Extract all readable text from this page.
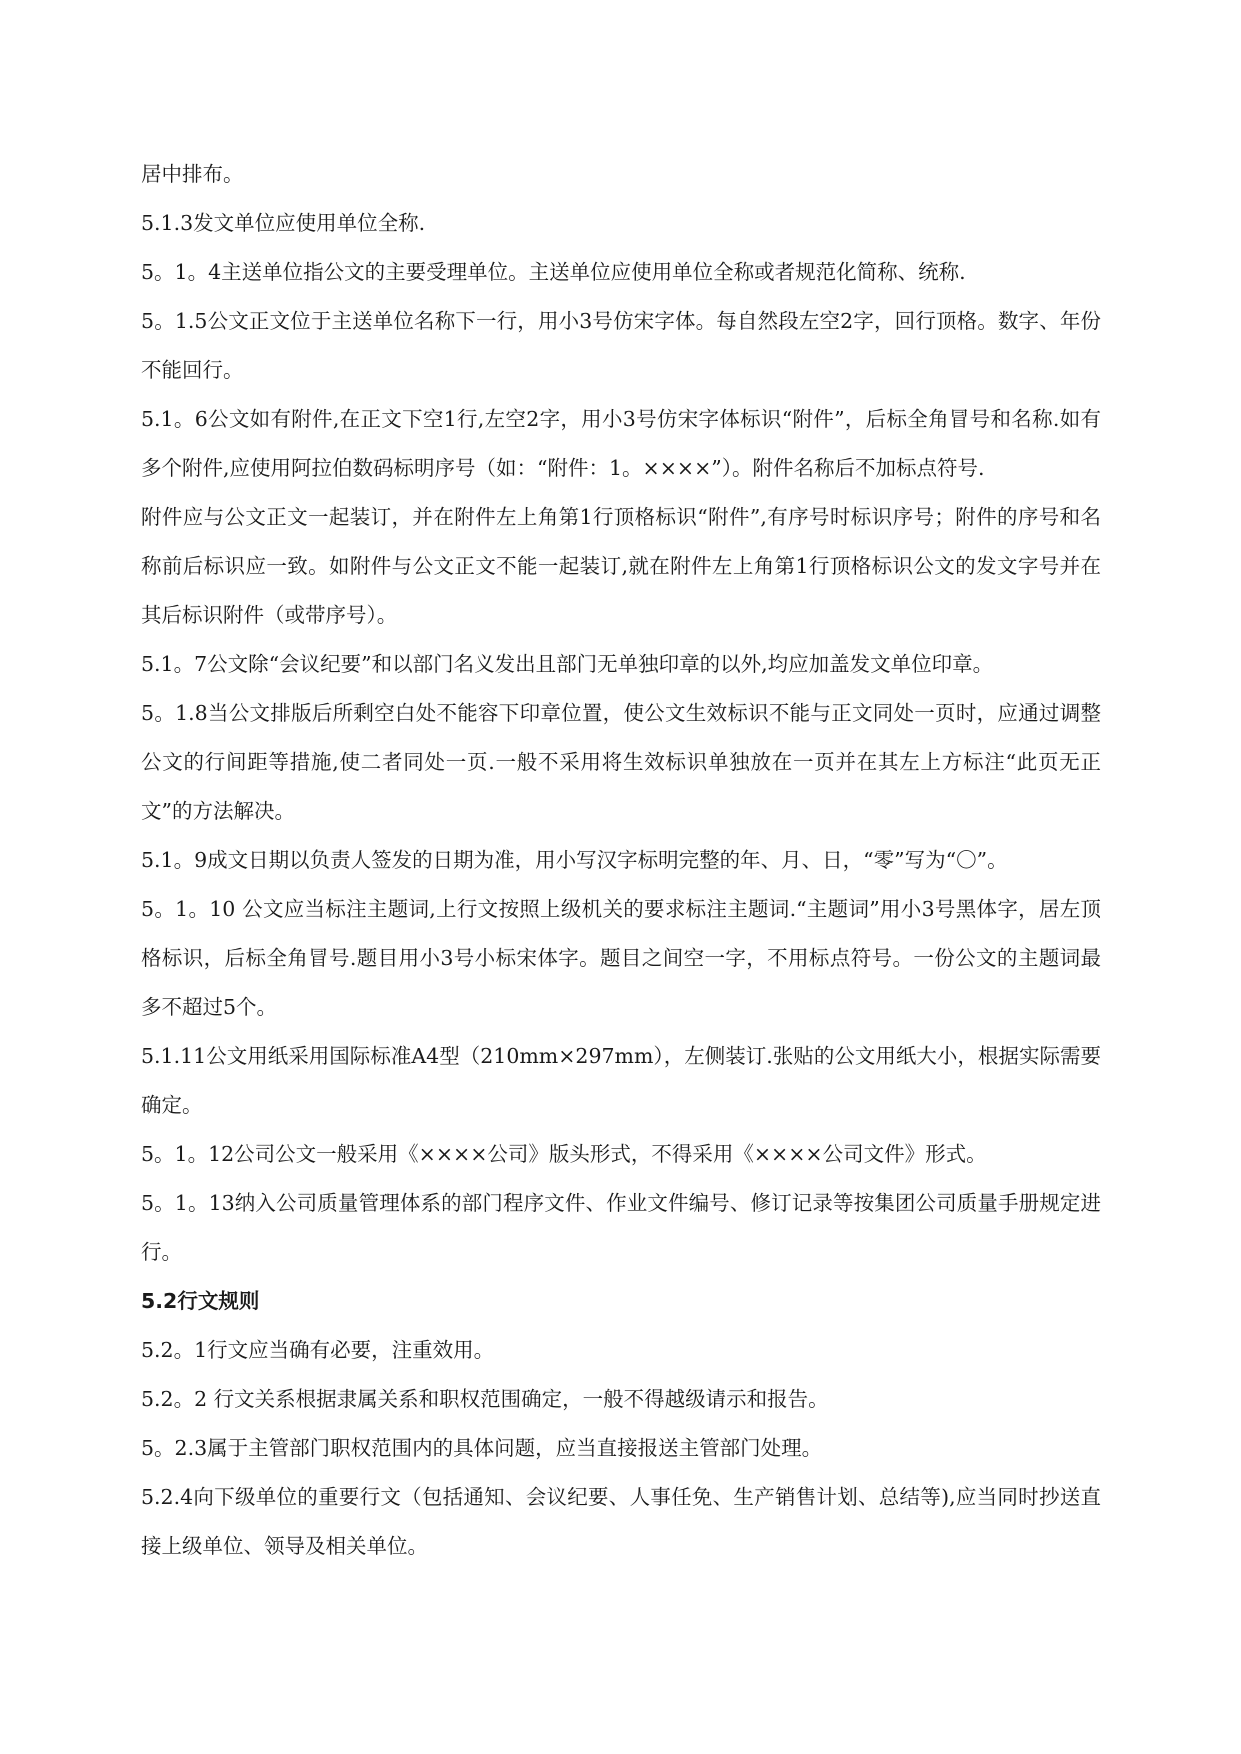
居中排布。

5.1.3发文单位应使用单位全称.

5。1。4主送单位指公文的主要受理单位。主送单位应使用单位全称或者规范化简称、统称.

5。1.5公文正文位于主送单位名称下一行，用小3号仿宋字体。每自然段左空2字，回行顶格。数字、年份不能回行。

5.1。6公文如有附件,在正文下空1行,左空2字，用小3号仿宋字体标识“附件”，后标全角冒号和名称.如有多个附件,应使用阿拉伯数码标明序号（如：“附件：1。××××”）。附件名称后不加标点符号.

附件应与公文正文一起装订，并在附件左上角第1行顶格标识“附件”,有序号时标识序号；附件的序号和名称前后标识应一致。如附件与公文正文不能一起装订,就在附件左上角第1行顶格标识公文的发文字号并在其后标识附件（或带序号）。

5.1。7公文除“会议纪要”和以部门名义发出且部门无单独印章的以外,均应加盖发文单位印章。

5。1.8当公文排版后所剩空白处不能容下印章位置，使公文生效标识不能与正文同处一页时，应通过调整公文的行间距等措施,使二者同处一页.一般不采用将生效标识单独放在一页并在其左上方标注“此页无正文”的方法解决。

5.1。9成文日期以负责人签发的日期为准，用小写汉字标明完整的年、月、日，“零”写为“〇”。

5。1。10 公文应当标注主题词,上行文按照上级机关的要求标注主题词.“主题词”用小3号黑体字，居左顶格标识，后标全角冒号.题目用小3号小标宋体字。题目之间空一字，不用标点符号。一份公文的主题词最多不超过5个。

5.1.11公文用纸采用国际标准A4型（210mm×297mm），左侧装订.张贴的公文用纸大小，根据实际需要确定。

5。1。12公司公文一般采用《××××公司》版头形式，不得采用《××××公司文件》形式。

5。1。13纳入公司质量管理体系的部门程序文件、作业文件编号、修订记录等按集团公司质量手册规定进行。

5.2行文规则

5.2。1行文应当确有必要，注重效用。

5.2。2 行文关系根据隶属关系和职权范围确定，一般不得越级请示和报告。

5。2.3属于主管部门职权范围内的具体问题，应当直接报送主管部门处理。

5.2.4向下级单位的重要行文（包括通知、会议纪要、人事任免、生产销售计划、总结等),应当同时抄送直接上级单位、领导及相关单位。
